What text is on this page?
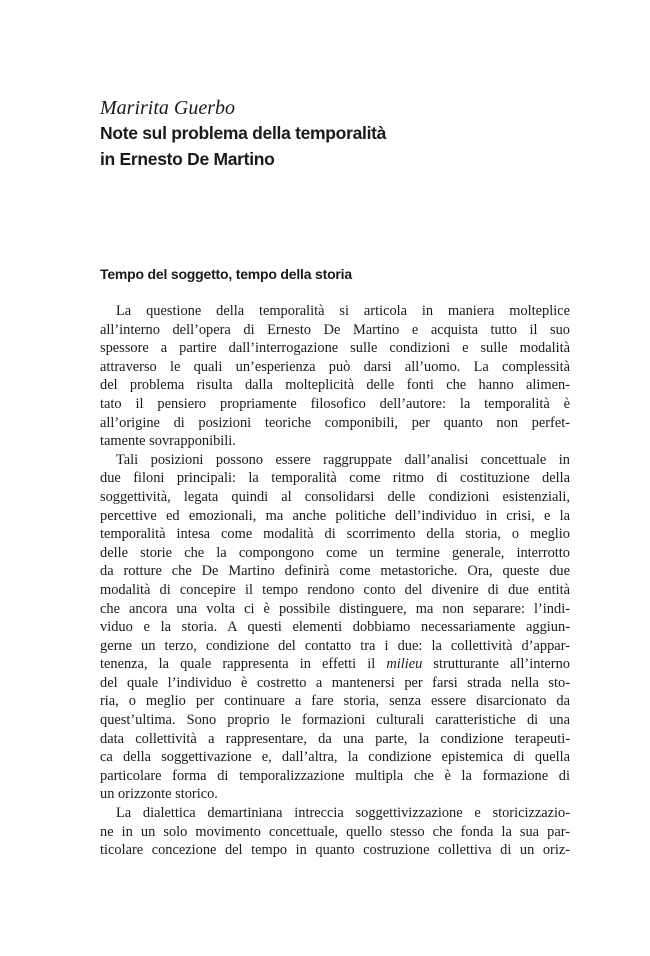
Maririta Guerbo
Note sul problema della temporalità
in Ernesto De Martino
Tempo del soggetto, tempo della storia
La questione della temporalità si articola in maniera molteplice
all’interno dell’opera di Ernesto De Martino e acquista tutto il suo
spessore a partire dall’interrogazione sulle condizioni e sulle modalità
attraverso le quali un’esperienza può darsi all’uomo. La complessità
del problema risulta dalla molteplicità delle fonti che hanno alimen-
tato il pensiero propriamente filosofico dell’autore: la temporalità è
all’origine di posizioni teoriche componibili, per quanto non perfet-
tamente sovrapponibili.
Tali posizioni possono essere raggruppate dall’analisi concettuale in
due filoni principali: la temporalità come ritmo di costituzione della
soggettività, legata quindi al consolidarsi delle condizioni esistenziali,
percettive ed emozionali, ma anche politiche dell’individuo in crisi, e la
temporalità intesa come modalità di scorrimento della storia, o meglio
delle storie che la compongono come un termine generale, interrotto
da rotture che De Martino definirà come metastoriche. Ora, queste due
modalità di concepire il tempo rendono conto del divenire di due entità
che ancora una volta ci è possibile distinguere, ma non separare: l’indi-
viduo e la storia. A questi elementi dobbiamo necessariamente aggiun-
gerne un terzo, condizione del contatto tra i due: la collettività d’appar-
tenenza, la quale rappresenta in effetti il milieu strutturante all’interno
del quale l’individuo è costretto a mantenersi per farsi strada nella sto-
ria, o meglio per continuare a fare storia, senza essere disarcionato da
quest’ultima. Sono proprio le formazioni culturali caratteristiche di una
data collettività a rappresentare, da una parte, la condizione terapeuti-
ca della soggettivazione e, dall’altra, la condizione epistemica di quella
particolare forma di temporalizzazione multipla che è la formazione di
un orizzonte storico.
La dialettica demartiniana intreccia soggettivizzazione e storicizzazio-
ne in un solo movimento concettuale, quello stesso che fonda la sua par-
ticolare concezione del tempo in quanto costruzione collettiva di un oriz-
